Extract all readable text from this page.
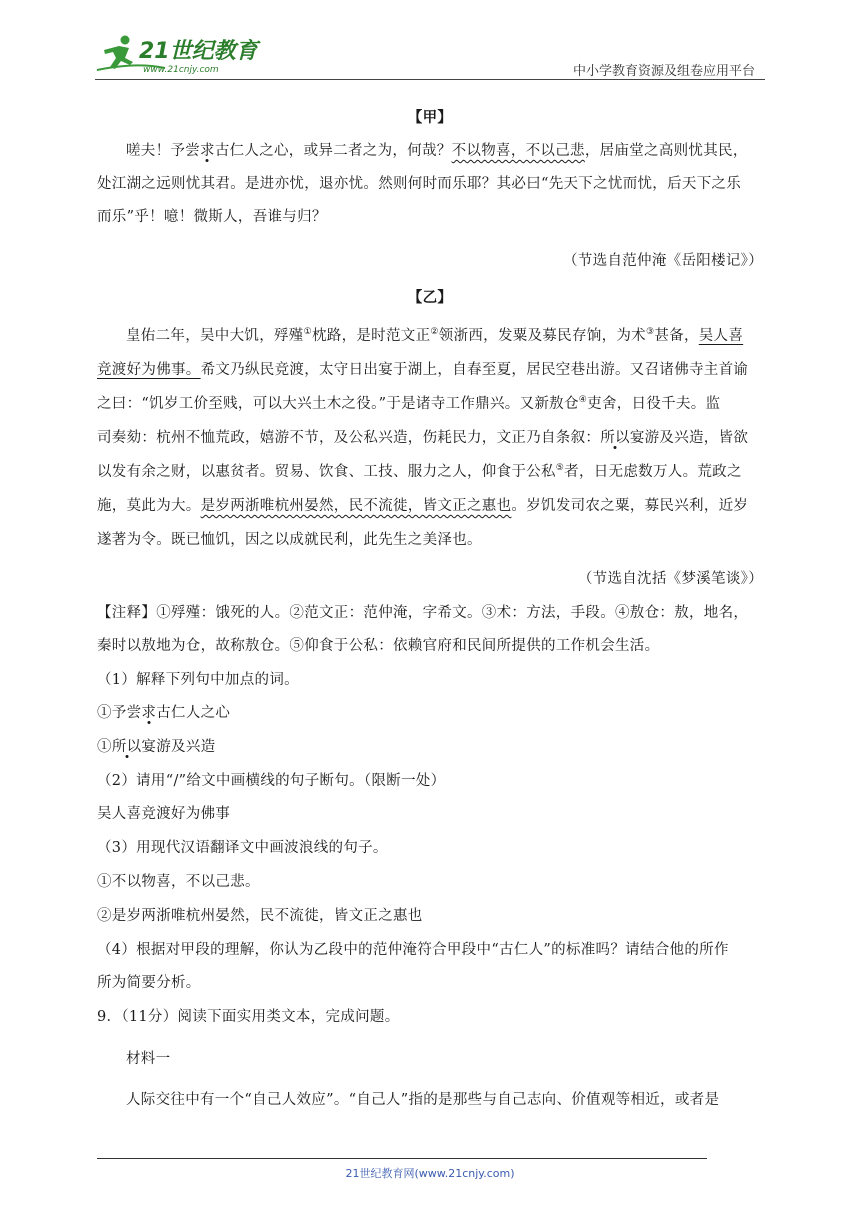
21世纪教育
www.21cnjy.com	中小学教育资源及组卷应用平台
【甲】
嗟夫！予尝求古仁人之心，或异二者之为，何哉？不以物喜，不以己悲，居庙堂之高则忧其民，
处江湖之远则忧其君。是进亦忧，退亦忧。然则何时而乐耶？其必曰“先天下之忧而忧，后天下之乐
而乐”乎！噫！微斯人，吾谁与归？
（节选自范仲淹《岳阳楼记》）
【乙】
皇佑二年，吴中大饥，殍殣①枕路，是时范文正②领浙西，发粟及募民存饷，为术③甚备，吴人喜
竞渡好为佛事。希文乃纵民竞渡，太守日出宴于湖上，自春至夏，居民空巷出游。又召诸佛寺主首谕
之曰：“饥岁工价至贱，可以大兴土木之役。”于是诸寺工作鼎兴。又新敖仓④吏舍，日役千夫。监
司奏劾：杭州不恤荒政，嬉游不节，及公私兴造，伤耗民力，文正乃自条叙：所以宴游及兴造，皆欲
以发有余之财，以惠贫者。贸易、饮食、工技、服力之人，仰食于公私⑤者，日无虑数万人。荒政之
施，莫此为大。是岁两浙唯杭州晏然，民不流徙，皆文正之惠也。岁饥发司农之粟，募民兴利，近岁
遂著为令。既已恤饥，因之以成就民利，此先生之美泽也。
（节选自沈括《梦溪笔谈》）
【注释】①殍殣：饿死的人。②范文正：范仲淹，字希文。③术：方法，手段。④敖仓：敖，地名，
秦时以敖地为仓，故称敖仓。⑤仰食于公私：依赖官府和民间所提供的工作机会生活。
（1）解释下列句中加点的词。
①予尝求古仁人之心
①所以宴游及兴造
（2）请用“/”给文中画横线的句子断句。（限断一处）
吴人喜竞渡好为佛事
（3）用现代汉语翻译文中画波浪线的句子。
①不以物喜，不以己悲。
②是岁两浙唯杭州晏然，民不流徙，皆文正之惠也
（4）根据对甲段的理解，你认为乙段中的范仲淹符合甲段中“古仁人”的标准吗？请结合他的所作
所为简要分析。
9．（11分）阅读下面实用类文本，完成问题。
材料一
人际交往中有一个“自己人效应”。“自己人”指的是那些与自己志向、价值观等相近，或者是
21世纪教育网(www.21cnjy.com)
